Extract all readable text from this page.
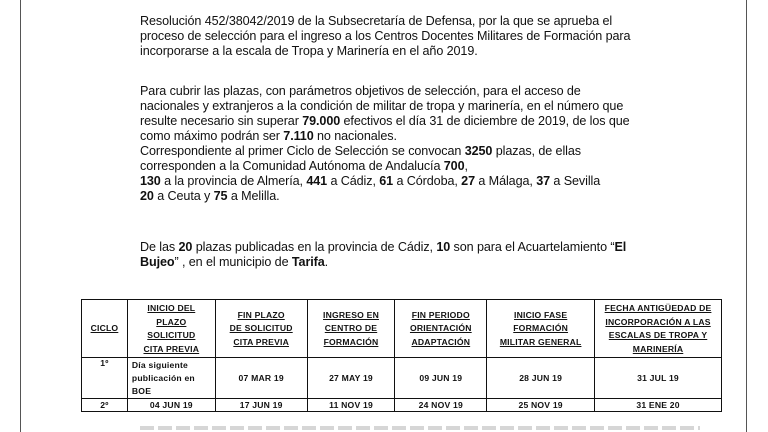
Resolución 452/38042/2019 de la Subsecretaría de Defensa, por la que se aprueba el
proceso de selección para el ingreso a los Centros Docentes Militares de Formación para
incorporarse a la escala de Tropa y Marinería en el año 2019.
Para cubrir las plazas, con parámetros objetivos de selección, para el acceso de
nacionales y extranjeros a la condición de militar de tropa y marinería, en el número que
resulte necesario sin superar 79.000 efectivos el día 31 de diciembre de 2019, de los que
como máximo podrán ser 7.110 no nacionales.
Correspondiente al primer Ciclo de Selección se convocan 3250 plazas, de ellas
corresponden a la Comunidad Autónoma de Andalucía 700,
130 a la provincia de Almería, 441 a Cádiz, 61 a Córdoba, 27 a Málaga, 37 a Sevilla
20 a Ceuta y 75 a Melilla.
De las 20 plazas publicadas en la provincia de Cádiz, 10 son para el Acuartelamiento “El
Bujeo” , en el municipio de Tarifa.
CICLO	INICIO DEL
PLAZO
SOLICITUD
CITA PREVIA	FIN PLAZO
DE SOLICITUD
CITA PREVIA	INGRESO EN
CENTRO DE
FORMACIÓN	FIN PERIODO
ORIENTACIÓN
ADAPTACIÓN	INICIO FASE
FORMACIÓN
MILITAR GENERAL	FECHA ANTIGÜEDAD DE
INCORPORACIÓN A LAS
ESCALAS DE TROPA Y
MARINERÍA

1º	Día siguiente
publicación en
BOE	07 MAR 19	27 MAY 19	09 JUN 19	28 JUN 19	31 JUL 19
2º	04 JUN 19	17 JUN 19	11 NOV 19	24 NOV 19	25 NOV 19	31 ENE 20
